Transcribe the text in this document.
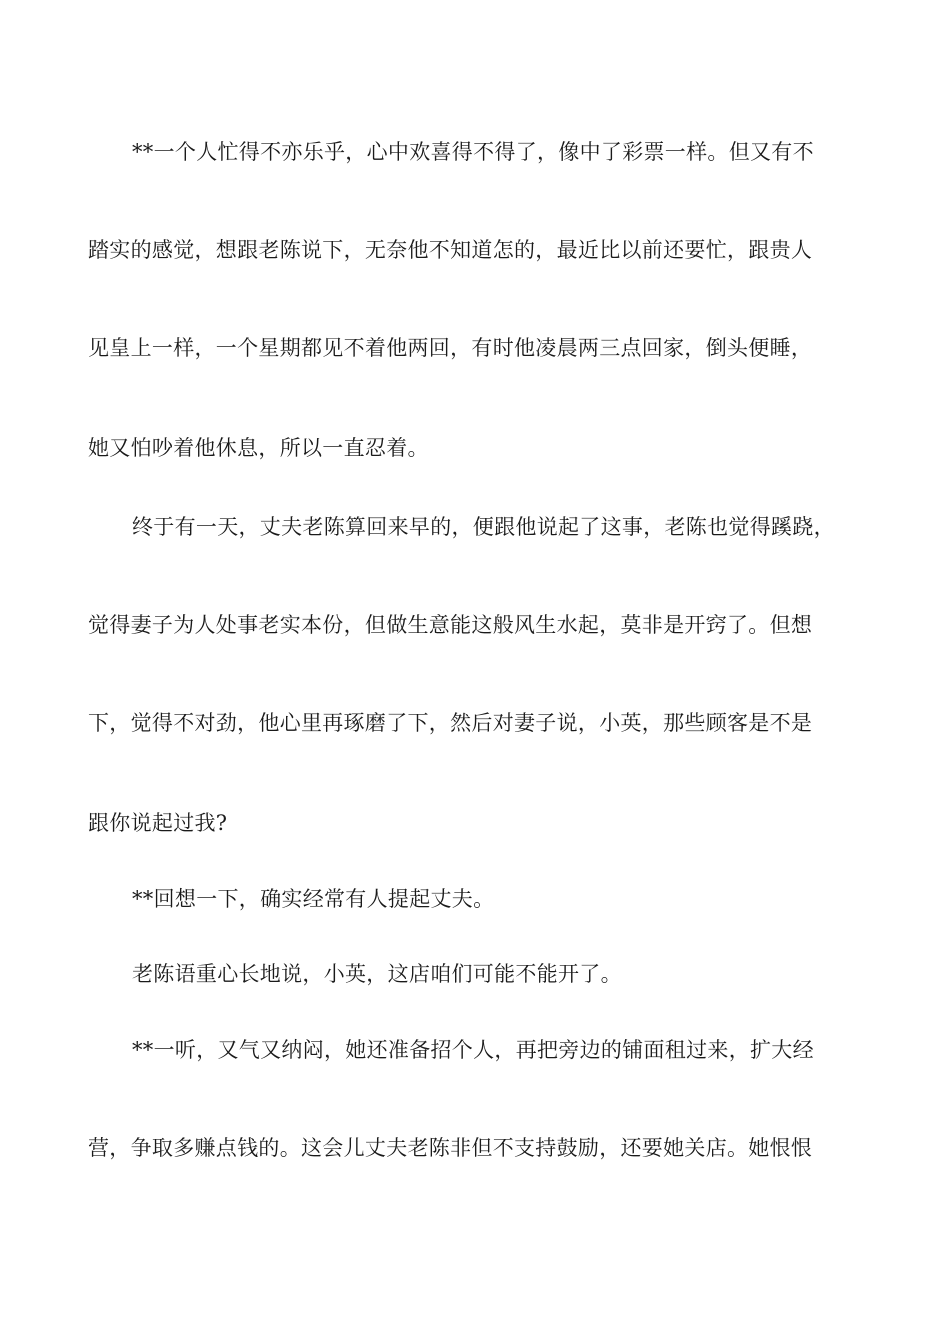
**一个人忙得不亦乐乎，心中欢喜得不得了，像中了彩票一样。但又有不
踏实的感觉，想跟老陈说下，无奈他不知道怎的，最近比以前还要忙，跟贵人
见皇上一样，一个星期都见不着他两回，有时他凌晨两三点回家，倒头便睡，
她又怕吵着他休息，所以一直忍着。
终于有一天，丈夫老陈算回来早的，便跟他说起了这事，老陈也觉得蹊跷，
觉得妻子为人处事老实本份，但做生意能这般风生水起，莫非是开窍了。但想
下，觉得不对劲，他心里再琢磨了下，然后对妻子说，小英，那些顾客是不是
跟你说起过我?
**回想一下，确实经常有人提起丈夫。
老陈语重心长地说，小英，这店咱们可能不能开了。
**一听，又气又纳闷，她还准备招个人，再把旁边的铺面租过来，扩大经
营，争取多赚点钱的。这会儿丈夫老陈非但不支持鼓励，还要她关店。她恨恨
